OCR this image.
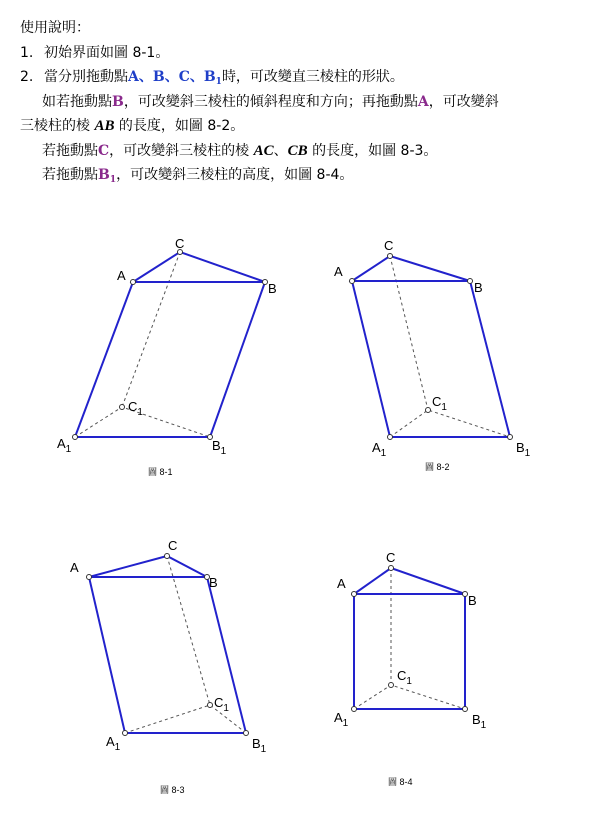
使用說明：
1. 初始界面如圖 8-1。
2. 當分別拖動點A、B、C、$B_1$時，可改變直三棱柱的形狀。
如若拖動點B，可改變斜三棱柱的傾斜程度和方向；再拖動點A，可改變斜
三棱柱的棱 AB 的長度，如圖 8-2。
若拖動點C，可改變斜三棱柱的棱 AC、CB 的長度，如圖 8-3。
若拖動點$B_1$，可改變斜三棱柱的高度，如圖 8-4。
A
C
B
$A_1$	$B_1$
$C_1$
圖 8-1
A
C
B
$A_1$	$B_1$
$C_1$
圖 8-2
A
C
B
$A_1$	$B_1$
$C_1$
圖 8-3
A
C
B
$A_1$	$B_1$
$C_1$
圖 8-4
